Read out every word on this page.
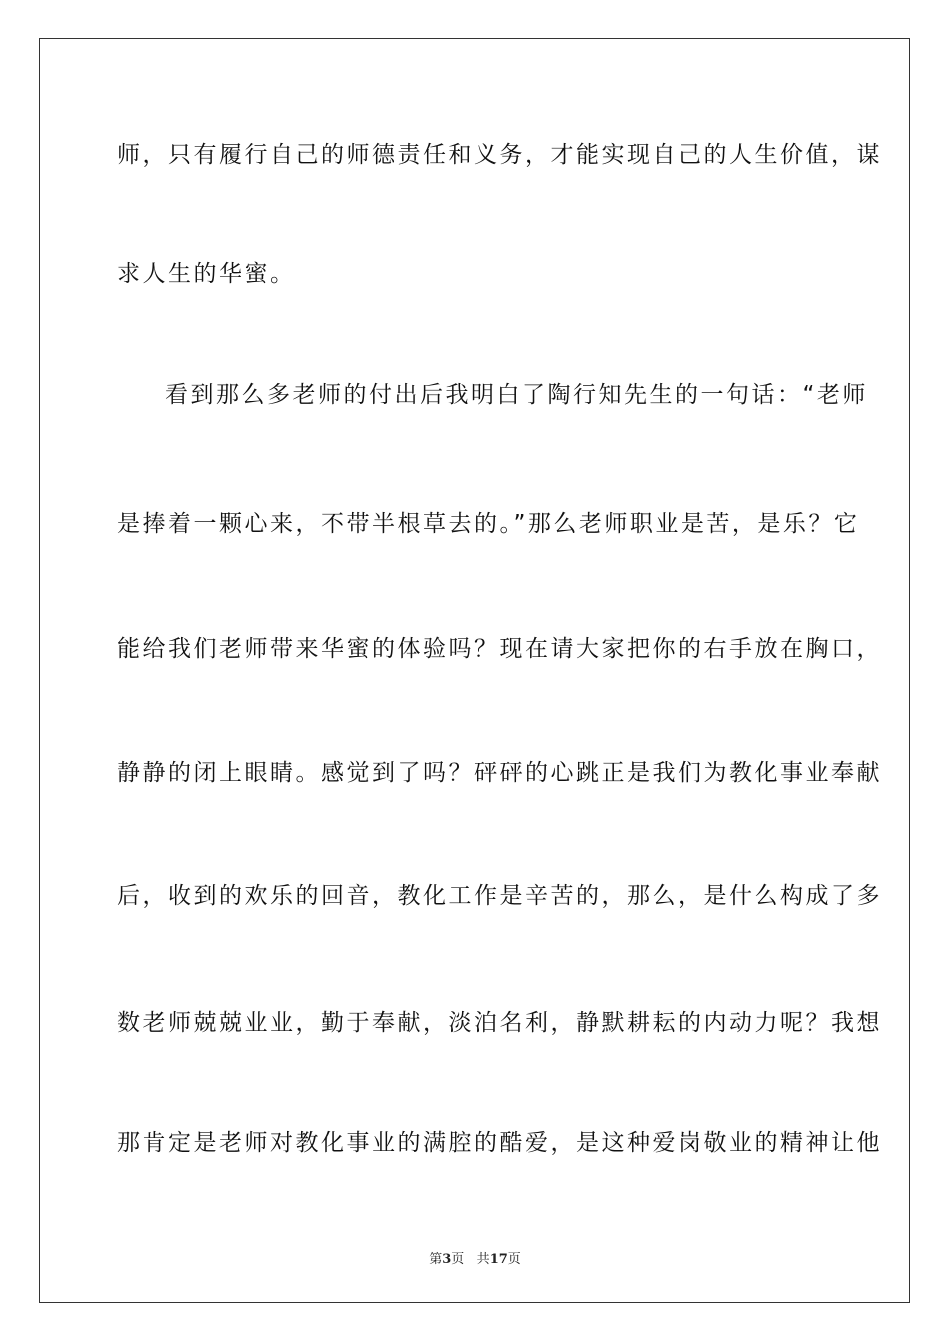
师，只有履行自己的师德责任和义务，才能实现自己的人生价值，谋
求人生的华蜜。
看到那么多老师的付出后我明白了陶行知先生的一句话：“老师
是捧着一颗心来，不带半根草去的。”那么老师职业是苦，是乐？它
能给我们老师带来华蜜的体验吗？现在请大家把你的右手放在胸口，
静静的闭上眼睛。感觉到了吗？砰砰的心跳正是我们为教化事业奉献
后，收到的欢乐的回音，教化工作是辛苦的，那么，是什么构成了多
数老师兢兢业业，勤于奉献，淡泊名利，静默耕耘的内动力呢？我想
那肯定是老师对教化事业的满腔的酷爱，是这种爱岗敬业的精神让他
第3页 共17页
